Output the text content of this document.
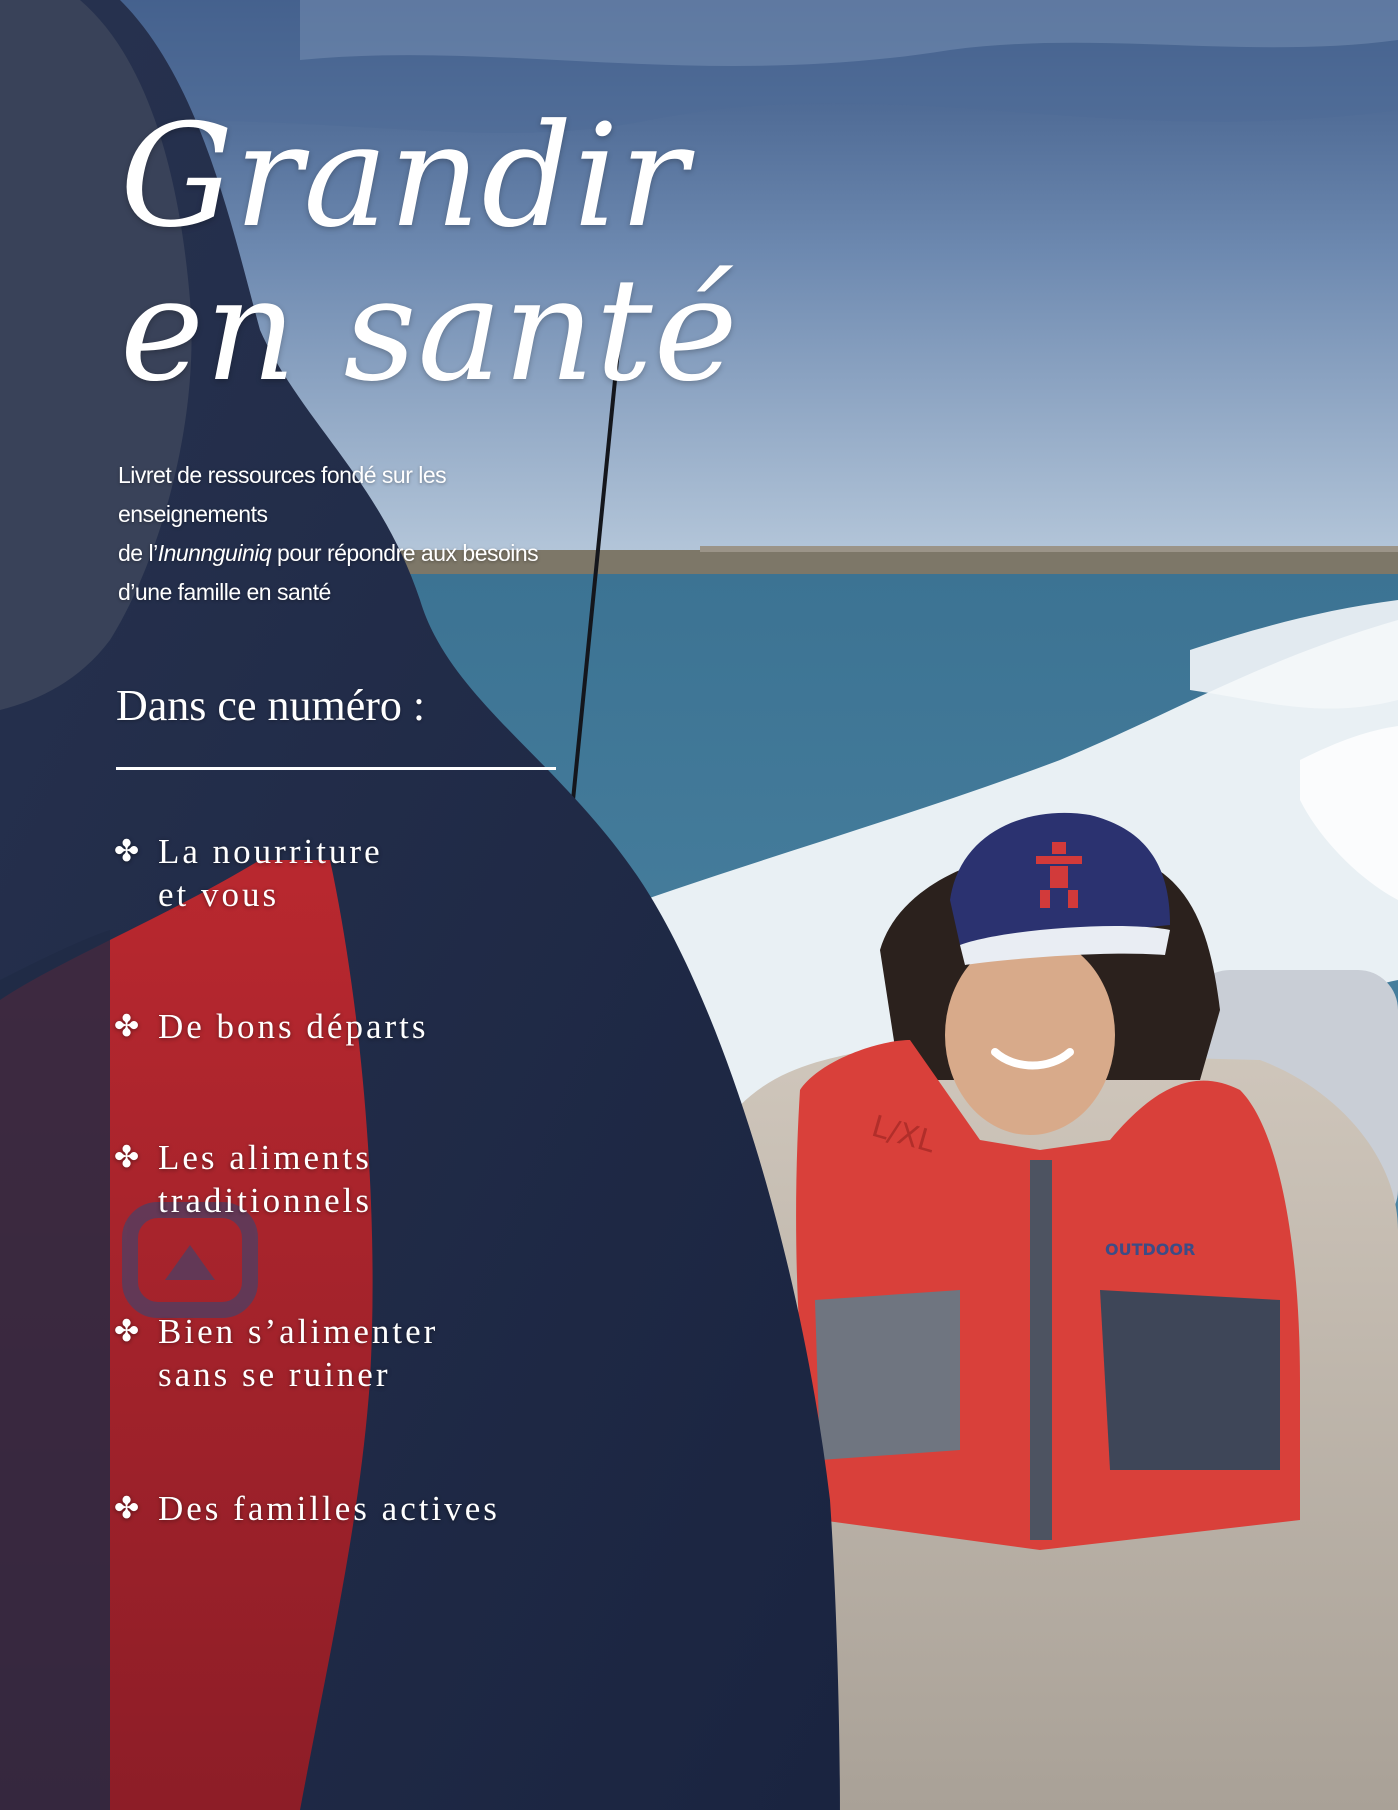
L/XL
OUTDOOR
Grandir
en santé
Livret de ressources fondé sur les enseignements
de l’Inunnguiniq pour répondre aux besoins
d’une famille en santé
Dans ce numéro :
✤ La nourriture
et vous
✤ De bons départs
✤ Les aliments
traditionnels
✤ Bien s’alimenter
sans se ruiner
✤ Des familles actives
